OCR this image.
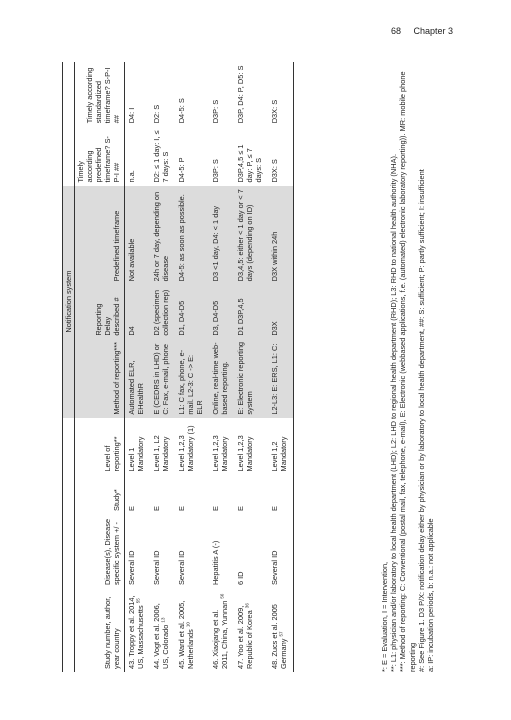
68 Chapter 3
				Notification system				
Study number, author, year country	Disease(s), Disease specific system +/ -	Study*	Level of reporting**	Method of reporting***	Reporting Delay described #	Predefined timeframe	Timely according predefined timeframe? S-P-I ##	Timely according standardized timeframe? S-P-I ##
43. Troppy et al. 2014, US, Massachusetts $^{55}$	Several ID	E	Level 1 Mandatory	Automated ELR, EHealthR	D4	Not available	n.a.	D4: I
44. Vogt et al. 2006, US, Colorado $^{13}$	Several ID	E	Level 1, L2 Mandatory	E (CEDRS in LHD) or C: Fax, e-mail, phone	D2 (specimen collection rep)	24h or 7 day, depending on disease	D2: ≤ 1 day: I, ≤ 7 days: S	D2: S
45. Ward et al. 2005, Netherlands $^{10}$	Several ID	E	Level 1,2,3 Mandatory (1)	L1: C fax, phone, e-mail. L2-3: C -> E: ELR	D1, D4-D5	D4-5: as soon as possible.	D4-5: P	D4-5: S
46. Xiaojang et al. 2011, China, Yunnan $^{56}$	Hepatitis A (-)	E	Level 1,2,3 Mandatory	Online, real-time web-based reporting.	D3, D4-D5	D3 <1 day, D4: < 1 day	D3P: S	D3P: S
47. Yoo et al. 2009, Republic of Korea $^{36}$	6 ID	E	Level 1,2,3 Mandatory	E: Electronic reporting system	D1 D3P,4,5	D3,4,5: either < 1 day or < 7 days (depending on ID)	D3P,4,5 ≤ 1 day: P, ≤ 7 days: S	D3P, D4: P, D5: S
48. Zucs et al. 2005 Germany $^{57}$	Several ID	E	Level 1,2 Mandatory	L2-L3: E: ERS, L1: C:	D3X	D3X within 24h	D3X: S	D3X: S
*: E = Evaluation, I = Intervention, **: L1: physician and/or laboratory to local health department (LHD); L2: LHD to regional health department (RHD); L3: RHD to national health authority (NHA). ***: Method of reporting: C: Conventional (postal mail, fax, telephone, e-mail), E: Electronic (webbased applications, f.e. (automated) electronic laboratory reporting)). MR: mobile phone reporting #: See Figure 1. D3 P/X: notification delay either by physician or by laboratory to local health department, ##: S: sufficient; P: partly sufficient; I: insufficient a: IP: incubation periods, b: n.a.: not applicable
